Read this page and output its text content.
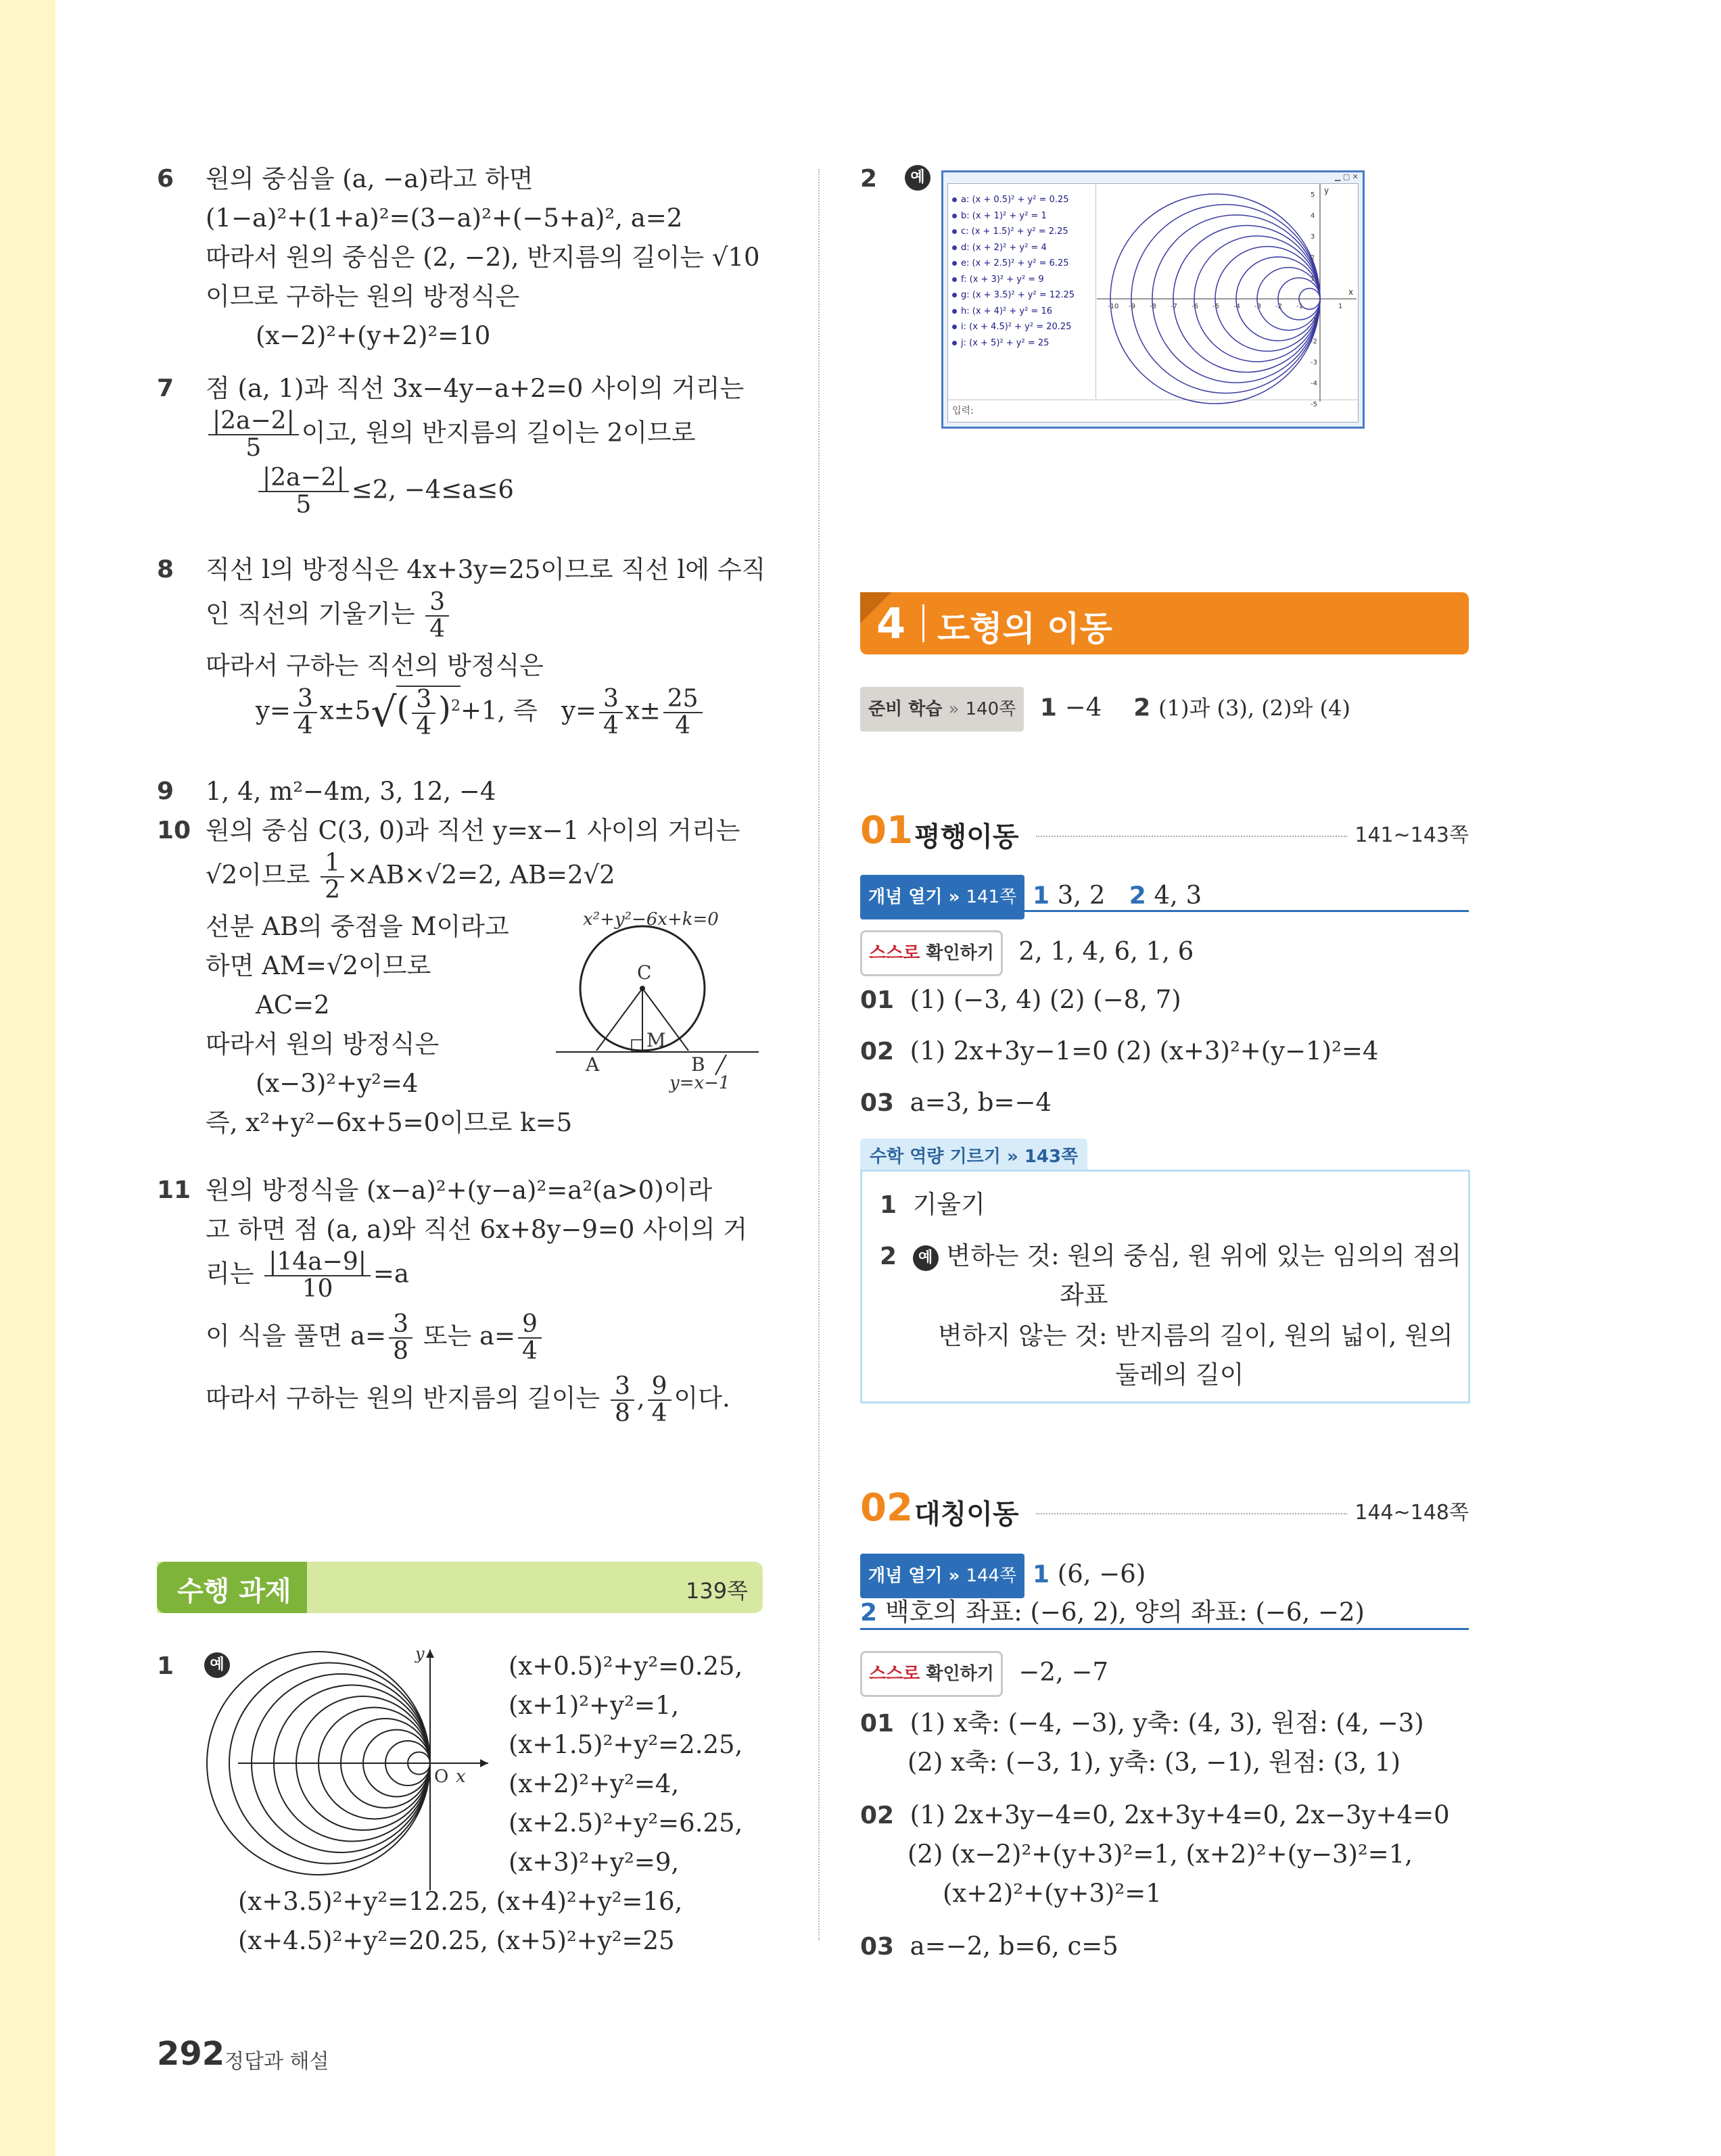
6 원의 중심을 (a, −a)라고 하면
(1−a)²+(1+a)²=(3−a)²+(−5+a)², a=2
따라서 원의 중심은 (2, −2), 반지름의 길이는 √10
이므로 구하는 원의 방정식은
(x−2)²+(y+2)²=10
7 점 (a, 1)과 직선 3x−4y−a+2=0 사이의 거리는
$\frac{|2a-2|}{5}$ 이고, 원의 반지름의 길이는 2이므로
$\frac{|2a-2|}{5} \le 2$, −4≤a≤6
8 직선 l의 방정식은 4x+3y=25이므로 직선 l에 수직
인 직선의 기울기는 $\frac{3}{4}$
따라서 구하는 직선의 방정식은
$y= \frac{3}{4} x\pm 5√( \frac{3}{4} )^2+1$, 즉 $y= \frac{3}{4} x\pm \frac{25}{4}$
9 1, 4, m²−4m, 3, 12, −4
10 원의 중심 C(3, 0)과 직선 y=x−1 사이의 거리는
√2이므로 $\frac{1}{2} \times AB\times√2=2$, AB=2√2
선분 AB의 중점을 M이라고
하면 AM=√2이므로
AC=2
따라서 원의 방정식은
(x−3)²+y²=4
즉, x²+y²−6x+5=0이므로 k=5
x²+y²−6x+k=0
C
M
A	B
y=x−1
11 원의 방정식을 (x−a)²+(y−a)²=a²(a>0)이라
고 하면 점 (a, a)와 직선 6x+8y−9=0 사이의 거
리는 $\frac{|14a-9|}{10} =a$
이 식을 풀면 $a= \frac{3}{8}$ 또는 $a= \frac{9}{4}$
따라서 구하는 원의 반지름의 길이는 $\frac{3}{8}$ , $\frac{9}{4}$ 이다.
수행 과제	139쪽
1	예
y
O x
(x+0.5)²+y²=0.25,
(x+1)²+y²=1,
(x+1.5)²+y²=2.25,
(x+2)²+y²=4,
(x+2.5)²+y²=6.25,
(x+3)²+y²=9,
(x+3.5)²+y²=12.25, (x+4)²+y²=16,
(x+4.5)²+y²=20.25, (x+5)²+y²=25
2	예	▁ ▢ ✕
a: (x + 0.5)² + y² = 0.25
b: (x + 1)² + y² = 1
c: (x + 1.5)² + y² = 2.25
d: (x + 2)² + y² = 4
e: (x + 2.5)² + y² = 6.25
f: (x + 3)² + y² = 9
g: (x + 3.5)² + y² = 12.25
h: (x + 4)² + y² = 16
i: (x + 4.5)² + y² = 20.25
j: (x + 5)² + y² = 25
입력:
-10 -9 -8 -7 -6 -5 -4 -3 -2 -1	1
-5
-4
-3
-2
-1
1
2
3
4
5
x
y
4 도형의 이동
준비 학습 » 140쪽 1 −4 2 (1)과 (3), (2)와 (4)
01 평행이동	141~143쪽
개념 열기 » 141쪽 1 3, 2 2 4, 3
스스로 확인하기 2, 1, 4, 6, 1, 6
01 (1) (−3, 4) (2) (−8, 7)
02 (1) 2x+3y−1=0 (2) (x+3)²+(y−1)²=4
03 a=3, b=−4
수학 역량 기르기 » 143쪽
1 기울기
2 예 변하는 것: 원의 중심, 원 위에 있는 임의의 점의
좌표
변하지 않는 것: 반지름의 길이, 원의 넓이, 원의
둘레의 길이
02 대칭이동	144~148쪽
개념 열기 » 144쪽 1 (6, −6)
2 백호의 좌표: (−6, 2), 양의 좌표: (−6, −2)
스스로 확인하기 −2, −7
01 (1) x축: (−4, −3), y축: (4, 3), 원점: (4, −3)
(2) x축: (−3, 1), y축: (3, −1), 원점: (3, 1)
02 (1) 2x+3y−4=0, 2x+3y+4=0, 2x−3y+4=0
(2) (x−2)²+(y+3)²=1, (x+2)²+(y−3)²=1,
(x+2)²+(y+3)²=1
03 a=−2, b=6, c=5
292 정답과 해설
